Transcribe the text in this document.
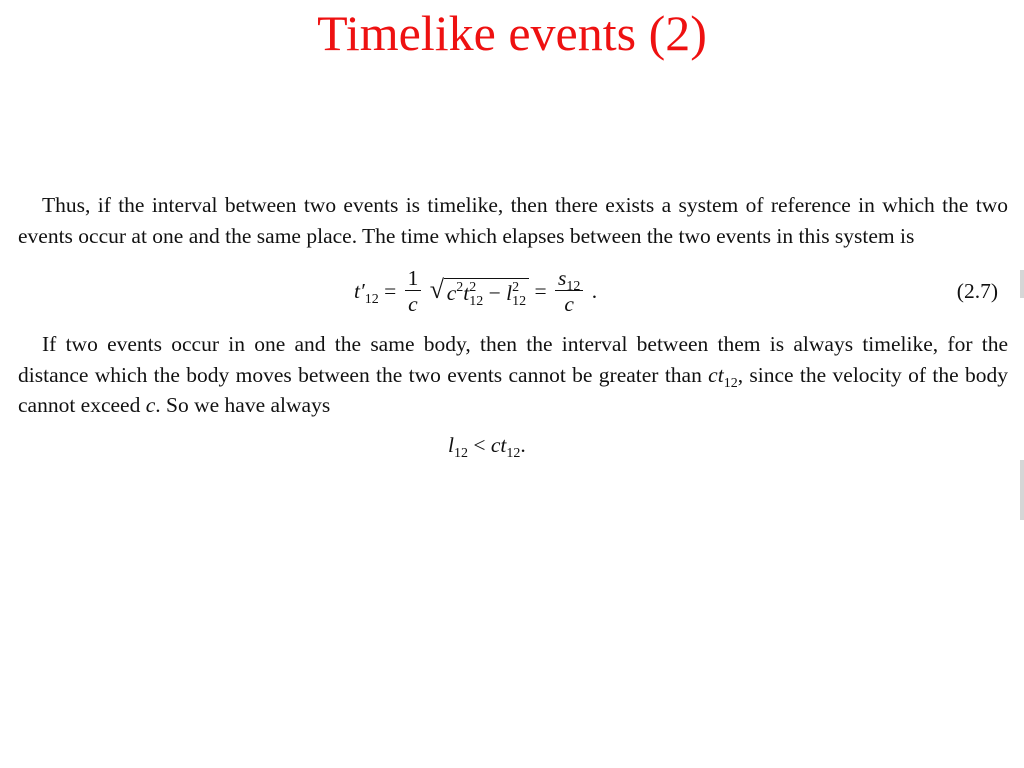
Timelike events (2)

Thus, if the interval between two events is timelike, then there exists a system of reference in which the two events occur at one and the same place. The time which elapses between the two events in this system is

$t'_{12} = \frac{1}{c}$
√ $c^2t^2_{12} - l^2_{12} = \frac{s_{12}}{c}$ .	(2.7)

If two events occur in one and the same body, then the interval between them is always timelike, for the distance which the body moves between the two events cannot be greater than $ct_{12}$, since the velocity of the body cannot exceed c. So we have always

$l_{12} < ct_{12}$.
